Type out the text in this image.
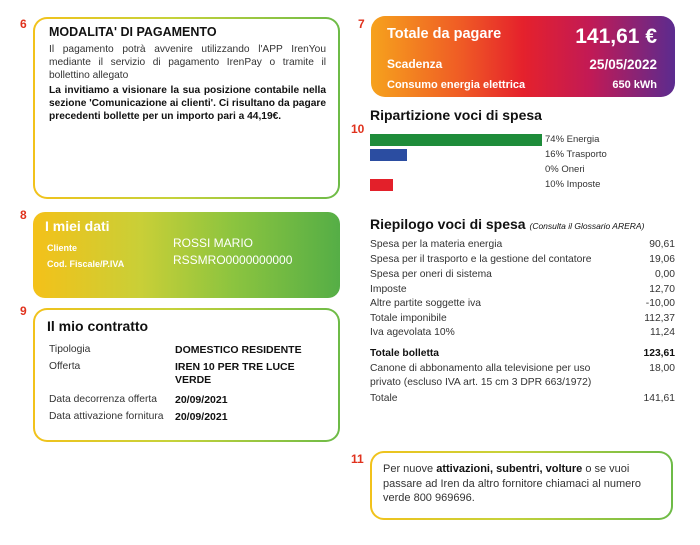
6	7
8
9
10
11
MODALITA' DI PAGAMENTO

Il pagamento potrà avvenire utilizzando l'APP IrenYou mediante il servizio di pagamento IrenPay o tramite il bollettino allegato

La invitiamo a visionare la sua posizione contabile nella sezione 'Comunicazione ai clienti'. Ci risultano da pagare precedenti bollette per un importo pari a 44,19€.

Totale da pagare	141,61 €
Scadenza	25/05/2022
Consumo energia elettrica	650 kWh
Ripartizione voci di spesa
74% Energia
16% Trasporto
0% Oneri
10% Imposte
I miei dati
Cliente	ROSSI MARIO
Cod. Fiscale/P.IVA	RSSMRO0000000000
Riepilogo voci di spesa (Consulta il Glossario ARERA)
Spesa per la materia energia	90,61
Spesa per il trasporto e la gestione del contatore	19,06
Spesa per oneri di sistema	0,00
Imposte	12,70
Altre partite soggette iva	-10,00
Totale imponibile	112,37
Iva agevolata 10%	11,24
Totale bolletta	123,61
Canone di abbonamento alla televisione per uso privato (escluso IVA art. 15 cm 3 DPR 663/1972)
18,00
Totale	141,61
Il mio contratto
Tipologia	DOMESTICO RESIDENTE
Offerta	IREN 10 PER TRE LUCE VERDE
Data decorrenza offerta 20/09/2021
Data attivazione fornitura 20/09/2021
Per nuove attivazioni, subentri, volture o se vuoi passare ad Iren da altro fornitore chiamaci al numero verde 800 969696.
